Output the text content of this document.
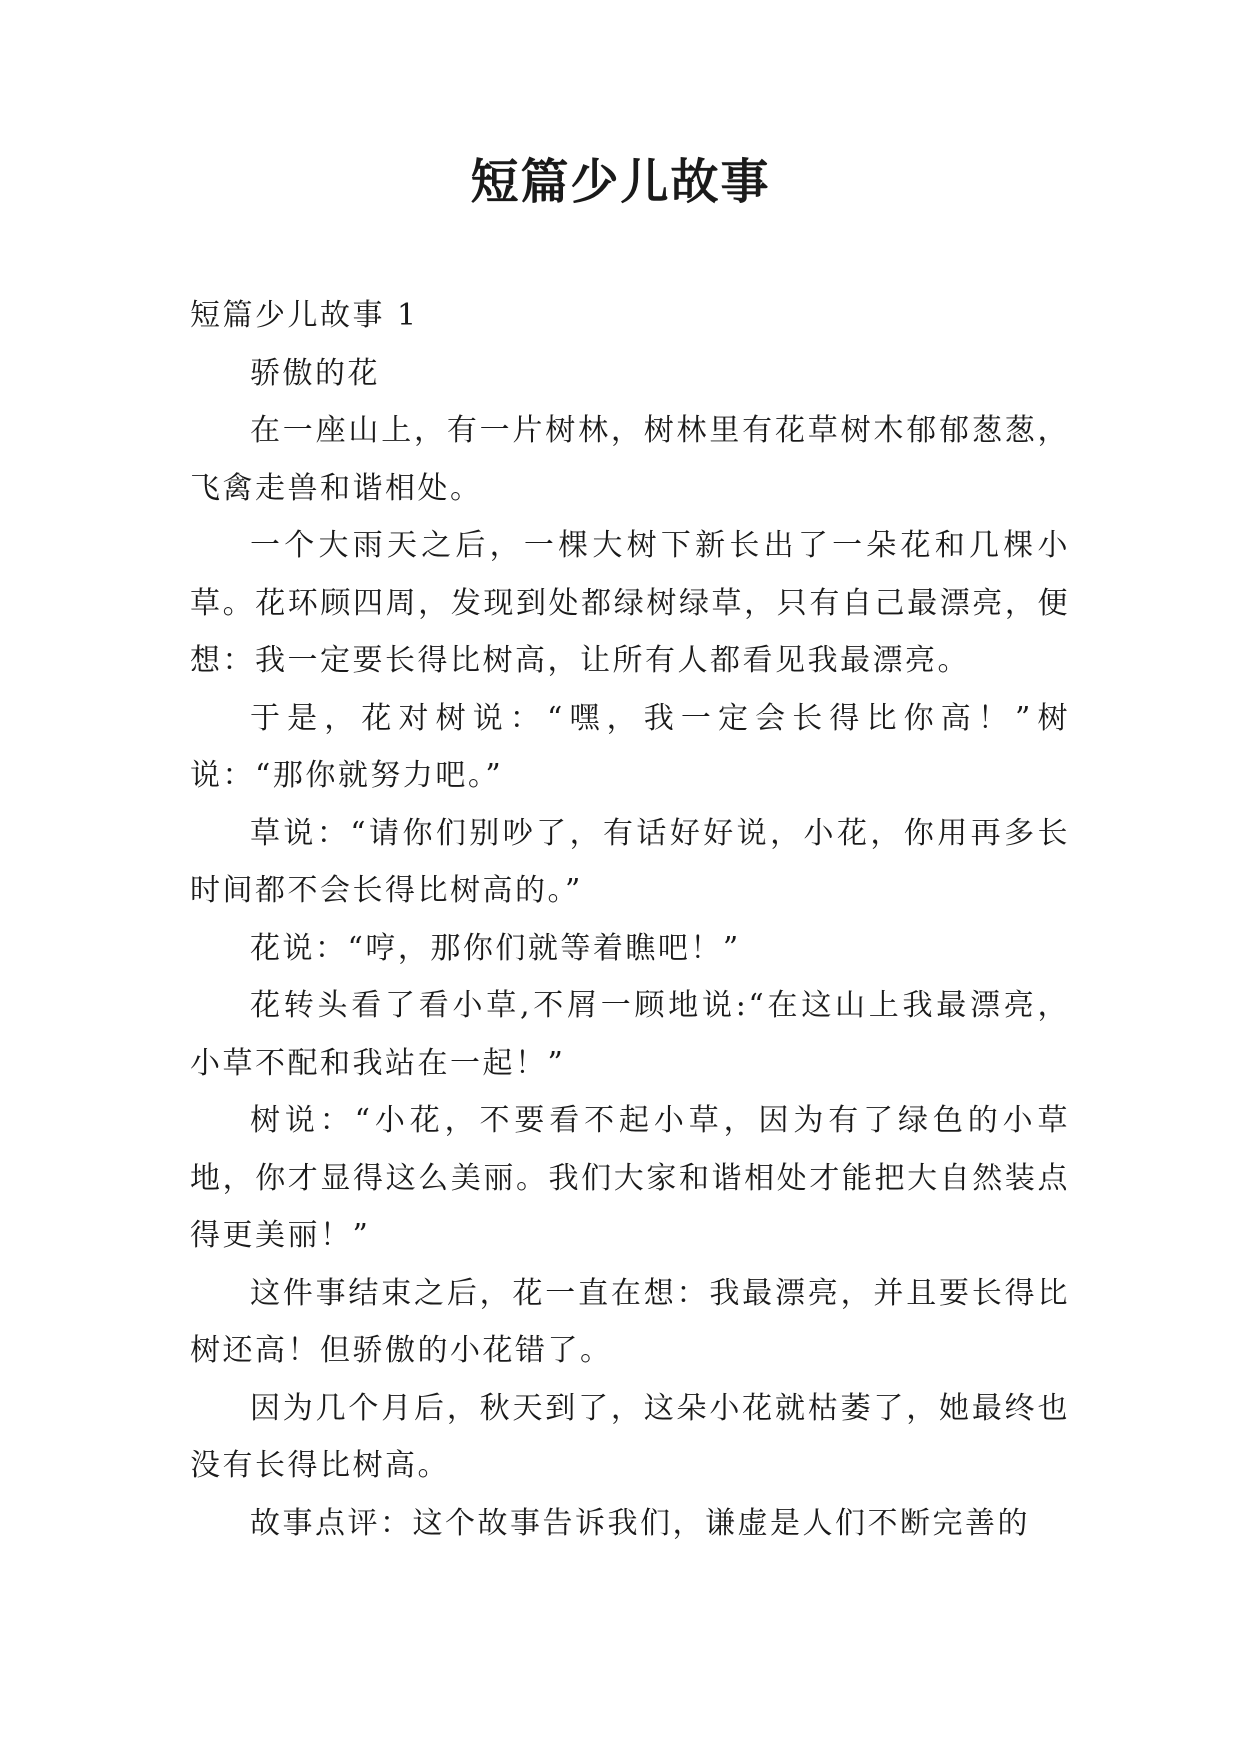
短篇少儿故事

短篇少儿故事 1

骄傲的花

在一座山上，有一片树林，树林里有花草树木郁郁葱葱，飞禽走兽和谐相处。

一个大雨天之后，一棵大树下新长出了一朵花和几棵小草。花环顾四周，发现到处都绿树绿草，只有自己最漂亮，便想：我一定要长得比树高，让所有人都看见我最漂亮。

于是，花对树说：“嘿，我一定会长得比你高！”树说：“那你就努力吧。”

草说：“请你们别吵了，有话好好说，小花，你用再多长时间都不会长得比树高的。”

花说：“哼，那你们就等着瞧吧！”

花转头看了看小草,不屑一顾地说:“在这山上我最漂亮，小草不配和我站在一起！”

树说：“小花，不要看不起小草，因为有了绿色的小草地，你才显得这么美丽。我们大家和谐相处才能把大自然装点得更美丽！”

这件事结束之后，花一直在想：我最漂亮，并且要长得比树还高！但骄傲的小花错了。

因为几个月后，秋天到了，这朵小花就枯萎了，她最终也没有长得比树高。

故事点评：这个故事告诉我们，谦虚是人们不断完善的
